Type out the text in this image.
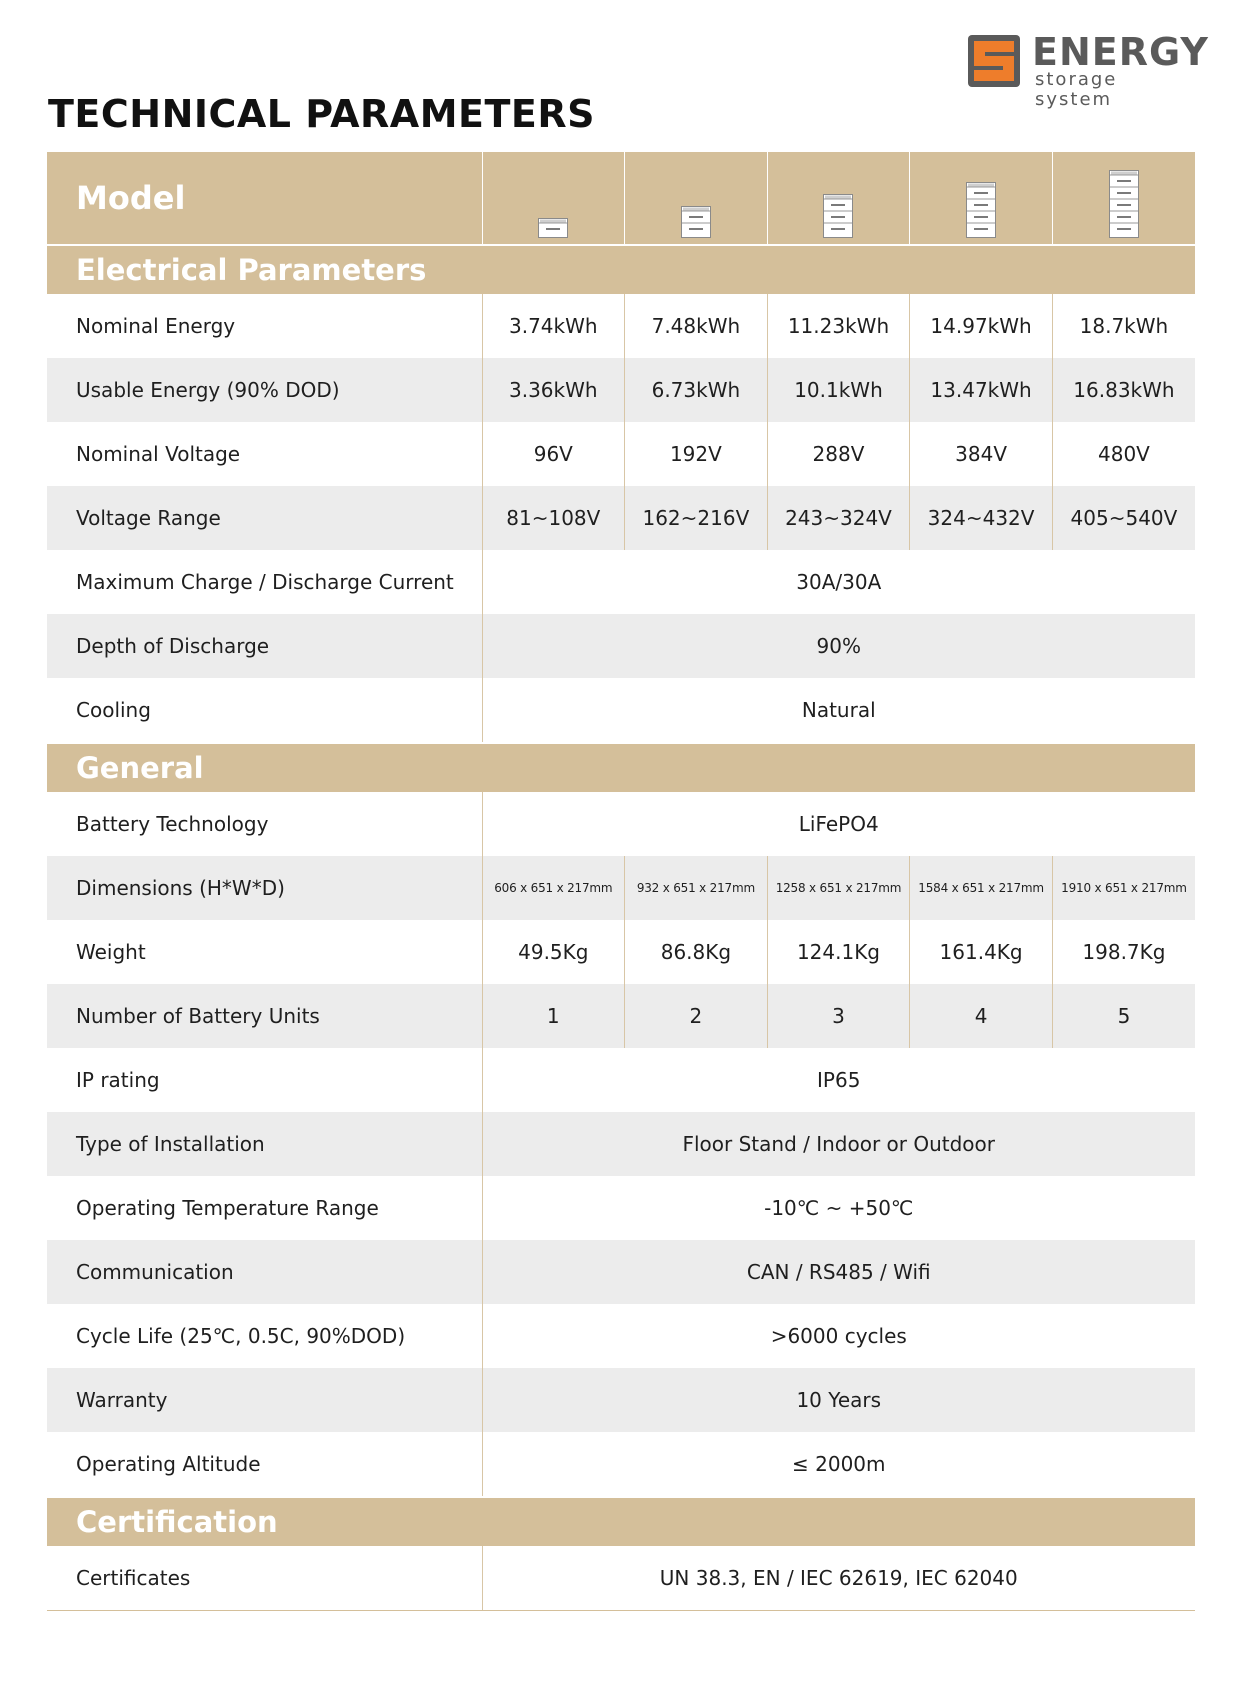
ENERGY
storage system
TECHNICAL PARAMETERS
Model	

Electrical Parameters					
Nominal Energy	3.74kWh	7.48kWh	11.23kWh	14.97kWh	18.7kWh
Usable Energy (90% DOD)	3.36kWh	6.73kWh	10.1kWh	13.47kWh	16.83kWh
Nominal Voltage	96V	192V	288V	384V	480V
Voltage Range	81~108V	162~216V	243~324V	324~432V	405~540V
Maximum Charge / Discharge Current	30A/30A				
Depth of Discharge	90%				
Cooling	Natural				
General					
Battery Technology	LiFePO4				
Dimensions (H*W*D)	606 x 651 x 217mm	932 x 651 x 217mm	1258 x 651 x 217mm	1584 x 651 x 217mm	1910 x 651 x 217mm
Weight	49.5Kg	86.8Kg	124.1Kg	161.4Kg	198.7Kg
Number of Battery Units	1	2	3	4	5
IP rating	IP65				
Type of Installation	Floor Stand / Indoor or Outdoor				
Operating Temperature Range	-10℃ ~ +50℃				
Communication	CAN / RS485 / Wifi				
Cycle Life (25℃, 0.5C, 90%DOD)	>6000 cycles				
Warranty	10 Years				
Operating Altitude	≤ 2000m				
Certification					
Certificates	UN 38.3, EN / IEC 62619, IEC 62040				
